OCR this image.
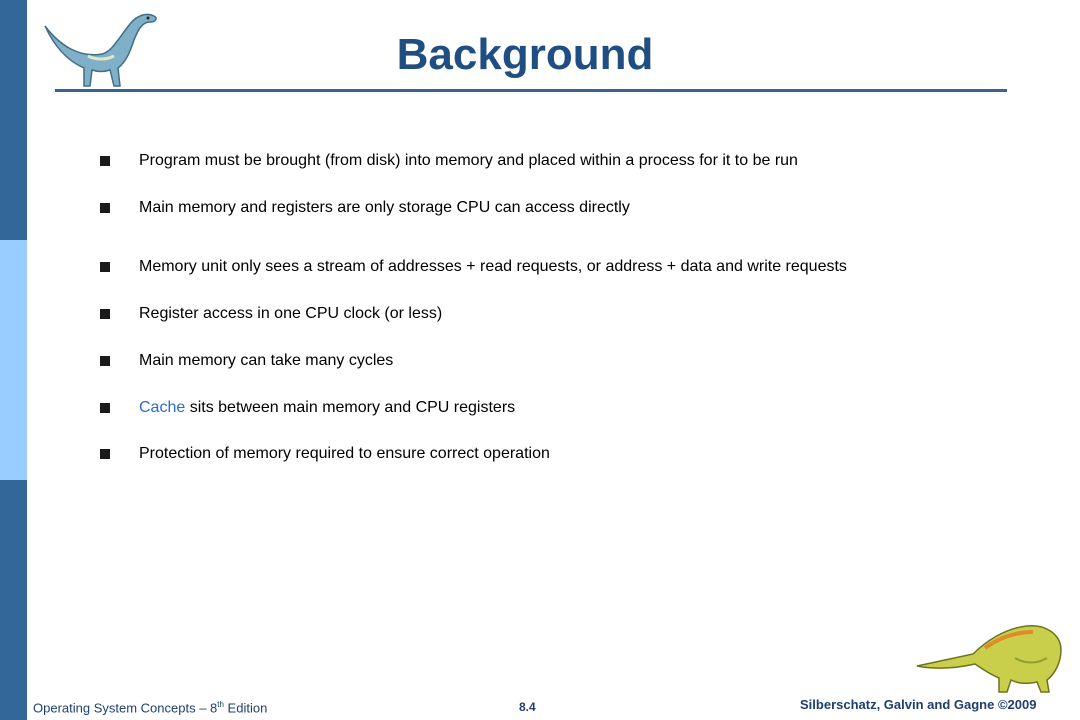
Background
Program must be brought (from disk) into memory and placed within a process for it to be run
Main memory and registers are only storage CPU can access directly
Memory unit only sees a stream of addresses + read requests, or address + data and write requests
Register access in one CPU clock (or less)
Main memory can take many cycles
Cache sits between main memory and CPU registers
Protection of memory required to ensure correct operation
Operating System Concepts – 8th Edition	8.4	Silberschatz, Galvin and Gagne ©2009
